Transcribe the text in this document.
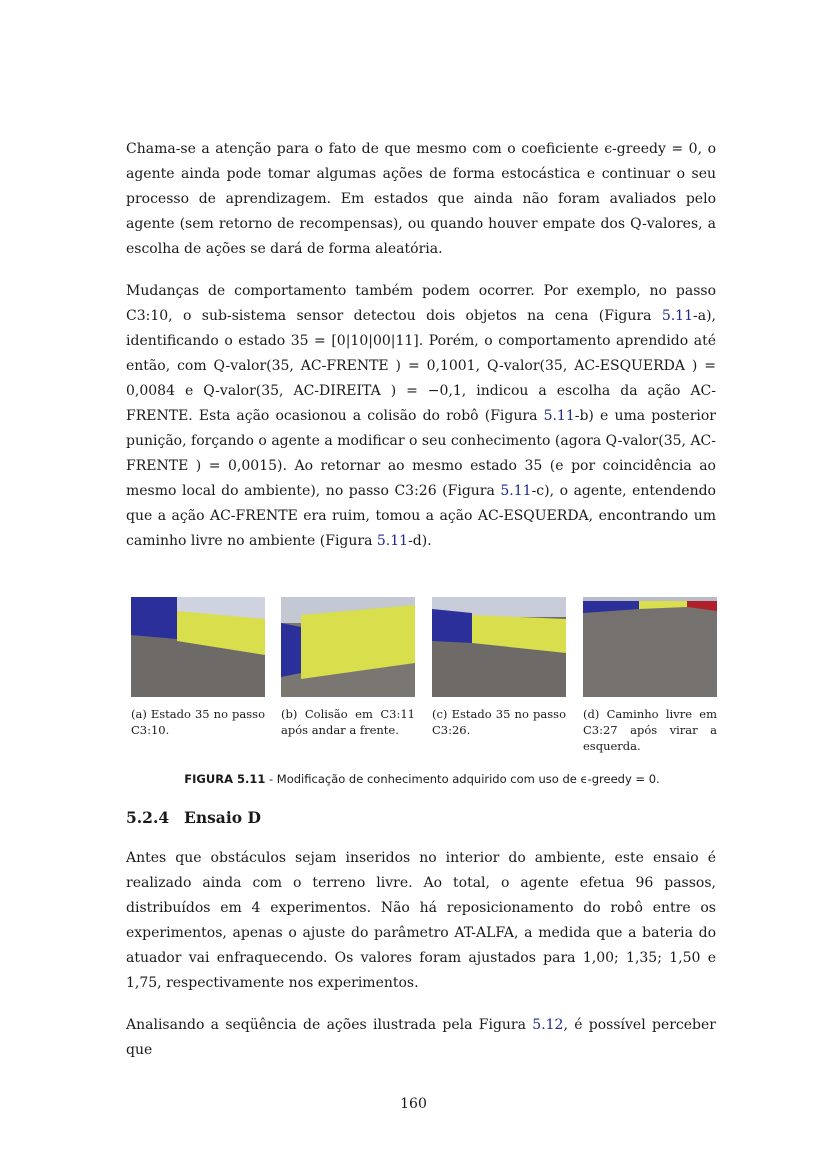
Chama-se a atenção para o fato de que mesmo com o coeficiente ϵ-greedy = 0, o agente ainda pode tomar algumas ações de forma estocástica e continuar o seu processo de aprendizagem. Em estados que ainda não foram avaliados pelo agente (sem retorno de recompensas), ou quando houver empate dos Q-valores, a escolha de ações se dará de forma aleatória.

Mudanças de comportamento também podem ocorrer. Por exemplo, no passo C3:10, o sub-sistema sensor detectou dois objetos na cena (Figura 5.11-a), identificando o estado 35 = [0|10|00|11]. Porém, o comportamento aprendido até então, com Q-valor(35, AC-FRENTE ) = 0,1001, Q-valor(35, AC-ESQUERDA ) = 0,0084 e Q-valor(35, AC-DIREITA ) = −0,1, indicou a escolha da ação AC-FRENTE. Esta ação ocasionou a colisão do robô (Figura 5.11-b) e uma posterior punição, forçando o agente a modificar o seu conhecimento (agora Q-valor(35, AC-FRENTE ) = 0,0015). Ao retornar ao mesmo estado 35 (e por coincidência ao mesmo local do ambiente), no passo C3:26 (Figura 5.11-c), o agente, entendendo que a ação AC-FRENTE era ruim, tomou a ação AC-ESQUERDA, encontrando um caminho livre no ambiente (Figura 5.11-d).

(a) Estado 35 no passo C3:10.
(b) Colisão em C3:11 após andar a frente.
(c) Estado 35 no passo C3:26.
(d) Caminho livre em C3:27 após virar a esquerda.
FIGURA 5.11 - Modificação de conhecimento adquirido com uso de ϵ-greedy = 0.
5.2.4 Ensaio D

Antes que obstáculos sejam inseridos no interior do ambiente, este ensaio é realizado ainda com o terreno livre. Ao total, o agente efetua 96 passos, distribuídos em 4 experimentos. Não há reposicionamento do robô entre os experimentos, apenas o ajuste do parâmetro AT-ALFA, a medida que a bateria do atuador vai enfraquecendo. Os valores foram ajustados para 1,00; 1,35; 1,50 e 1,75, respectivamente nos experimentos.

Analisando a seqüência de ações ilustrada pela Figura 5.12, é possível perceber que

160
